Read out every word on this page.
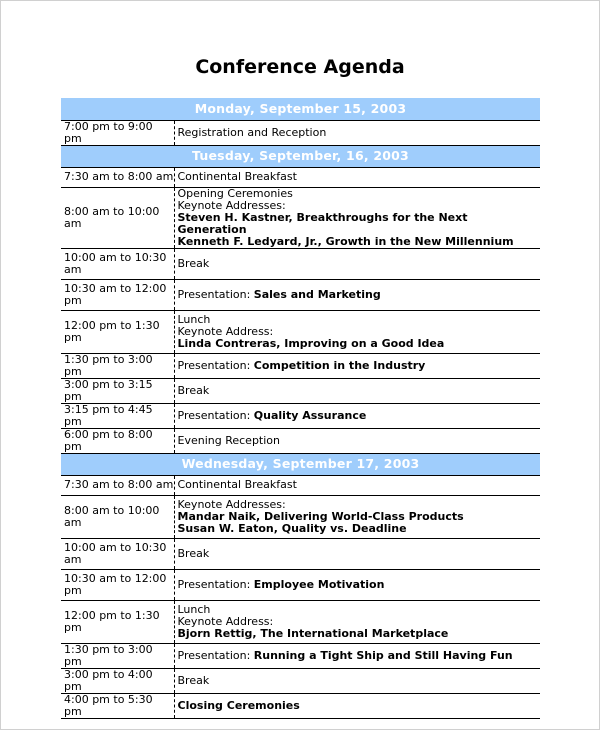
Conference Agenda
Monday, September 15, 2003	
7:00 pm to 9:00 pm	Registration and Reception

Tuesday, September, 16, 2003	
7:30 am to 8:00 am	Continental Breakfast

8:00 am to 10:00 am	Opening Ceremonies
Keynote Addresses:
Steven H. Kastner, Breakthroughs for the Next Generation
Kenneth F. Ledyard, Jr., Growth in the New Millennium

10:00 am to 10:30 am	Break

10:30 am to 12:00 pm	Presentation: Sales and Marketing

12:00 pm to 1:30 pm	Lunch
Keynote Address:
Linda Contreras, Improving on a Good Idea

1:30 pm to 3:00 pm	Presentation: Competition in the Industry

3:00 pm to 3:15 pm	Break

3:15 pm to 4:45 pm	Presentation: Quality Assurance

6:00 pm to 8:00 pm	Evening Reception

Wednesday, September 17, 2003	
7:30 am to 8:00 am	Continental Breakfast

8:00 am to 10:00 am	Keynote Addresses:
Mandar Naik, Delivering World-Class Products
Susan W. Eaton, Quality vs. Deadline

10:00 am to 10:30 am	Break

10:30 am to 12:00 pm	Presentation: Employee Motivation

12:00 pm to 1:30 pm	Lunch
Keynote Address:
Bjorn Rettig, The International Marketplace

1:30 pm to 3:00 pm	Presentation: Running a Tight Ship and Still Having Fun

3:00 pm to 4:00 pm	Break

4:00 pm to 5:30 pm	Closing Ceremonies
